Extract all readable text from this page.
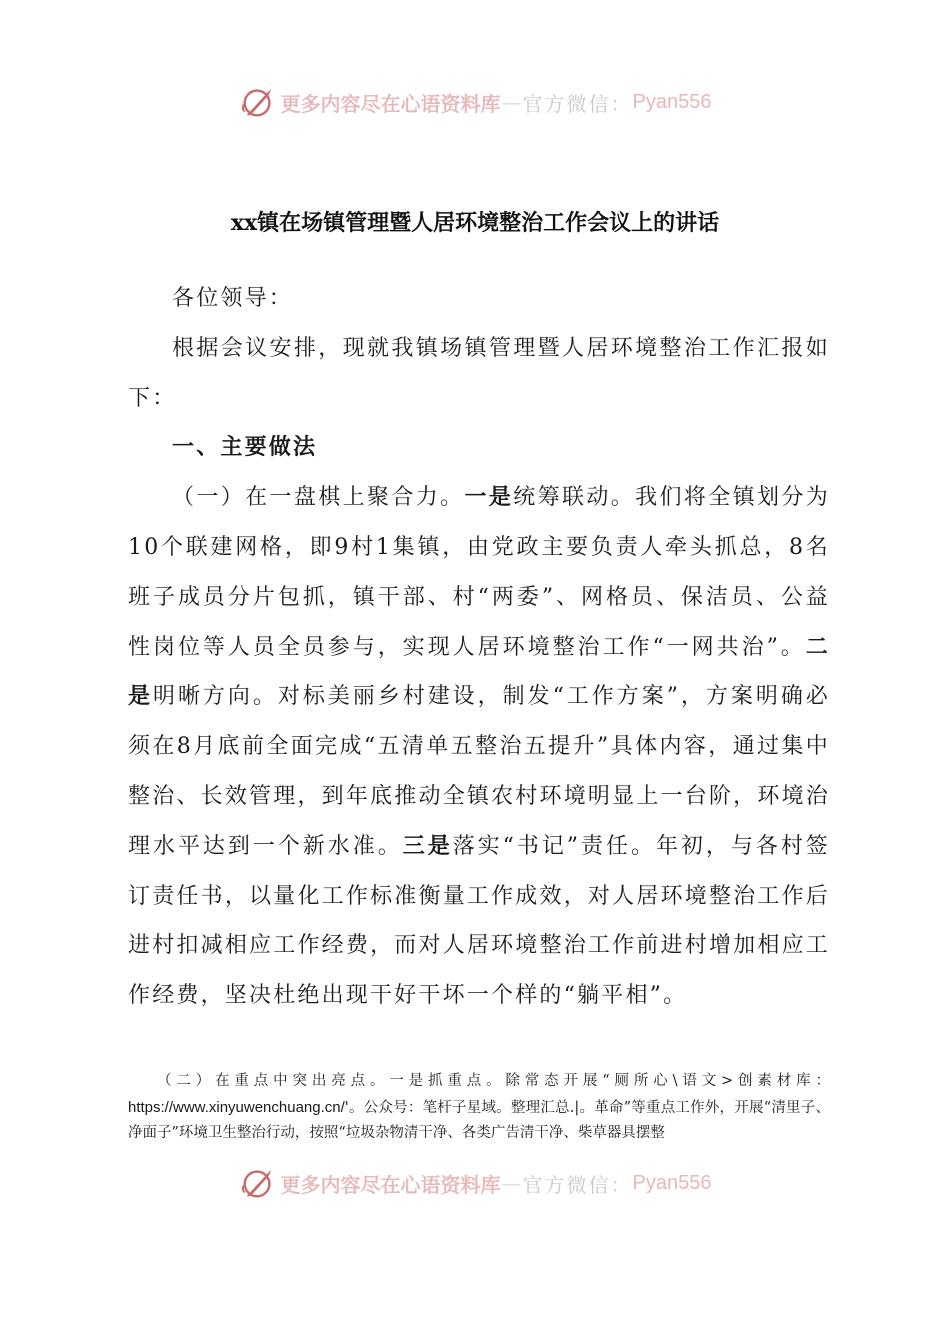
更多内容尽在心语资料库 — 官方微信： Pyan556
xx镇在场镇管理暨人居环境整治工作会议上的讲话

各位领导：

根据会议安排，现就我镇场镇管理暨人居环境整治工作汇报如下：

一、主要做法

（一）在一盘棋上聚合力。一是统筹联动。我们将全镇划分为10个联建网格，即9村1集镇，由党政主要负责人牵头抓总，8名班子成员分片包抓，镇干部、村“两委”、网格员、保洁员、公益性岗位等人员全员参与，实现人居环境整治工作“一网共治”。二是明晰方向。对标美丽乡村建设，制发“工作方案”，方案明确必须在8月底前全面完成“五清单五整治五提升”具体内容，通过集中整治、长效管理，到年底推动全镇农村环境明显上一台阶，环境治理水平达到一个新水准。三是落实“书记”责任。年初，与各村签订责任书，以量化工作标准衡量工作成效，对人居环境整治工作后进村扣减相应工作经费，而对人居环境整治工作前进村增加相应工作经费，坚决杜绝出现干好干坏一个样的“躺平相”。

（二）在重点中突出亮点。一是抓重点。除常态开展“厕所心\语文>创素材库：https://www.xinyuwenchuang.cn/'。公众号：笔杆子星域。整理汇总.|。革命”等重点工作外，开展“清里子、净面子”环境卫生整治行动，按照“垃圾杂物清干净、各类广告清干净、柴草器具摆整
更多内容尽在心语资料库 — 官方微信： Pyan556
